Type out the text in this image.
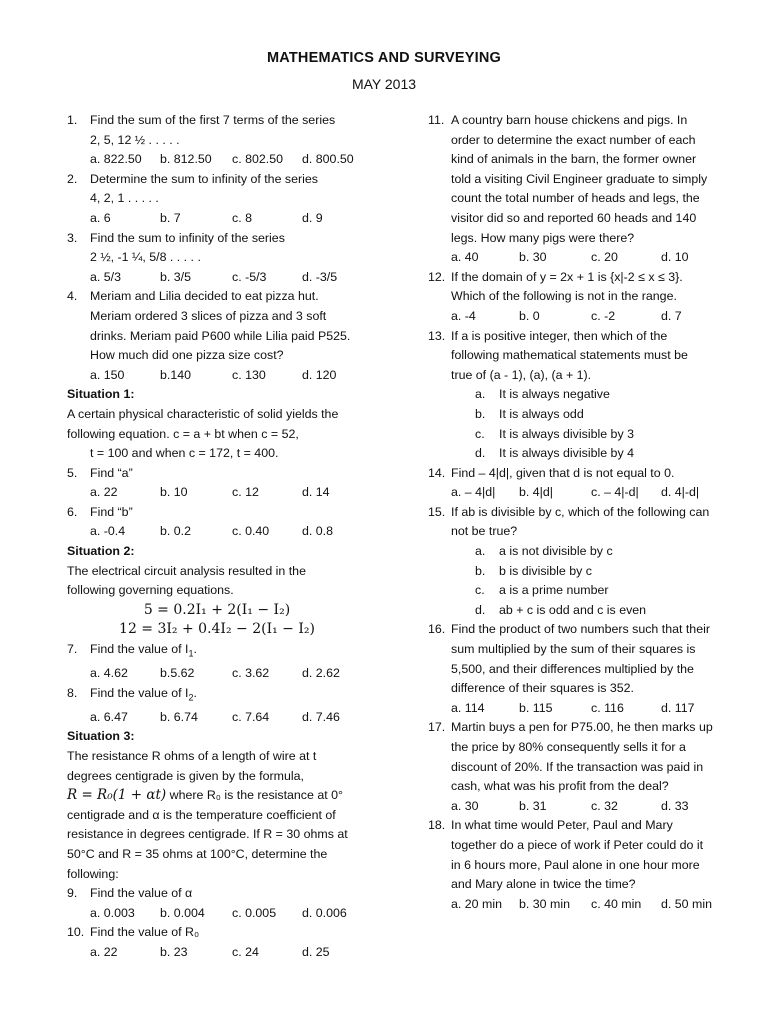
MATHEMATICS AND SURVEYING
MAY 2013
1. Find the sum of the first 7 terms of the series
2, 5, 12 ½ . . . . .
a. 822.50	b. 812.50	c. 802.50	d. 800.50
2. Determine the sum to infinity of the series
4, 2, 1 . . . . .
a. 6	b. 7	c. 8	d. 9
3. Find the sum to infinity of the series
2 ½, -1 ¼, 5/8 . . . . .
a. 5/3	b. 3/5	c. -5/3	d. -3/5
4. Meriam and Lilia decided to eat pizza hut.
Meriam ordered 3 slices of pizza and 3 soft
drinks. Meriam paid P600 while Lilia paid P525.
How much did one pizza size cost?
a. 150	b.140	c. 130	d. 120
Situation 1:
A certain physical characteristic of solid yields the
following equation. c = a + bt when c = 52,
t = 100 and when c = 172, t = 400.
5. Find “a”
a. 22	b. 10	c. 12	d. 14
6. Find “b”
a. -0.4	b. 0.2	c. 0.40	d. 0.8
Situation 2:
The electrical circuit analysis resulted in the
following governing equations.
5 = 0.2I₁ + 2(I₁ − I₂)
12 = 3I₂ + 0.4I₂ − 2(I₁ − I₂)
7. Find the value of $I_1$.
a. 4.62	b.5.62	c. 3.62	d. 2.62
8. Find the value of $I_2$.
a. 6.47	b. 6.74	c. 7.64	d. 7.46
Situation 3:
The resistance R ohms of a length of wire at t
degrees centigrade is given by the formula,
R = R₀(1 + αt) where R₀ is the resistance at 0°
centigrade and α is the temperature coefficient of
resistance in degrees centigrade. If R = 30 ohms at
50°C and R = 35 ohms at 100°C, determine the
following:
9. Find the value of α
a. 0.003	b. 0.004	c. 0.005	d. 0.006
10. Find the value of R₀
a. 22	b. 23	c. 24	d. 25
11. A country barn house chickens and pigs. In
order to determine the exact number of each
kind of animals in the barn, the former owner
told a visiting Civil Engineer graduate to simply
count the total number of heads and legs, the
visitor did so and reported 60 heads and 140
legs. How many pigs were there?
a. 40	b. 30	c. 20	d. 10
12. If the domain of y = 2x + 1 is {x|-2 ≤ x ≤ 3}.
Which of the following is not in the range.
a. -4	b. 0	c. -2	d. 7
13. If a is positive integer, then which of the
following mathematical statements must be
true of (a - 1), (a), (a + 1).
a.	It is always negative
b.	It is always odd
c.	It is always divisible by 3
d.	It is always divisible by 4
14. Find – 4|d|, given that d is not equal to 0.
a. – 4|d|	b. 4|d|	c. – 4|-d|	d. 4|-d|
15. If ab is divisible by c, which of the following can
not be true?
a.	a is not divisible by c
b.	b is divisible by c
c.	a is a prime number
d.	ab + c is odd and c is even
16. Find the product of two numbers such that their
sum multiplied by the sum of their squares is
5,500, and their differences multiplied by the
difference of their squares is 352.
a. 114	b. 115	c. 116	d. 117
17. Martin buys a pen for P75.00, he then marks up
the price by 80% consequently sells it for a
discount of 20%. If the transaction was paid in
cash, what was his profit from the deal?
a. 30	b. 31	c. 32	d. 33
18. In what time would Peter, Paul and Mary
together do a piece of work if Peter could do it
in 6 hours more, Paul alone in one hour more
and Mary alone in twice the time?
a. 20 min	b. 30 min	c. 40 min	d. 50 min
